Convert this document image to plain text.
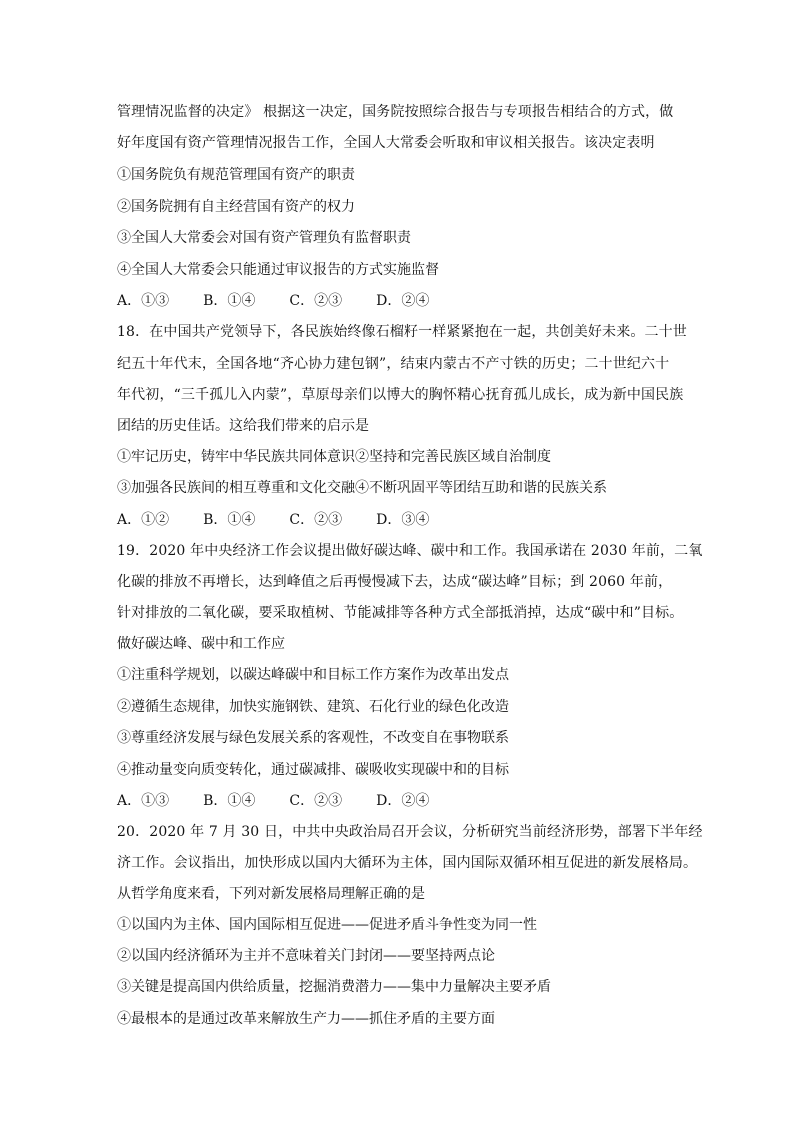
管理情况监督的决定》 根据这一决定，国务院按照综合报告与专项报告相结合的方式，做
好年度国有资产管理情况报告工作，全国人大常委会听取和审议相关报告。该决定表明
①国务院负有规范管理国有资产的职责
②国务院拥有自主经营国有资产的权力
③全国人大常委会对国有资产管理负有监督职责
④全国人大常委会只能通过审议报告的方式实施监督
A．①③ B．①④ C．②③ D．②④
18．在中国共产党领导下，各民族始终像石榴籽一样紧紧抱在一起，共创美好未来。二十世
纪五十年代末，全国各地“齐心协力建包钢”，结束内蒙古不产寸铁的历史；二十世纪六十
年代初，“三千孤儿入内蒙”，草原母亲们以博大的胸怀精心抚育孤儿成长，成为新中国民族
团结的历史佳话。这给我们带来的启示是
①牢记历史，铸牢中华民族共同体意识②坚持和完善民族区域自治制度
③加强各民族间的相互尊重和文化交融④不断巩固平等团结互助和谐的民族关系
A．①② B．①④ C．②③ D．③④
19．2020 年中央经济工作会议提出做好碳达峰、碳中和工作。我国承诺在 2030 年前，二氧
化碳的排放不再增长，达到峰值之后再慢慢减下去，达成“碳达峰”目标；到 2060 年前，
针对排放的二氧化碳，要采取植树、节能减排等各种方式全部抵消掉，达成“碳中和”目标。
做好碳达峰、碳中和工作应
①注重科学规划，以碳达峰碳中和目标工作方案作为改革出发点
②遵循生态规律，加快实施钢铁、建筑、石化行业的绿色化改造
③尊重经济发展与绿色发展关系的客观性，不改变自在事物联系
④推动量变向质变转化，通过碳减排、碳吸收实现碳中和的目标
A．①③ B．①④ C．②③ D．②④
20．2020 年 7 月 30 日，中共中央政治局召开会议，分析研究当前经济形势，部署下半年经
济工作。会议指出，加快形成以国内大循环为主体，国内国际双循环相互促进的新发展格局。
从哲学角度来看，下列对新发展格局理解正确的是
①以国内为主体、国内国际相互促进——促进矛盾斗争性变为同一性
②以国内经济循环为主并不意味着关门封闭——要坚持两点论
③关键是提高国内供给质量，挖掘消费潜力——集中力量解决主要矛盾
④最根本的是通过改革来解放生产力——抓住矛盾的主要方面
